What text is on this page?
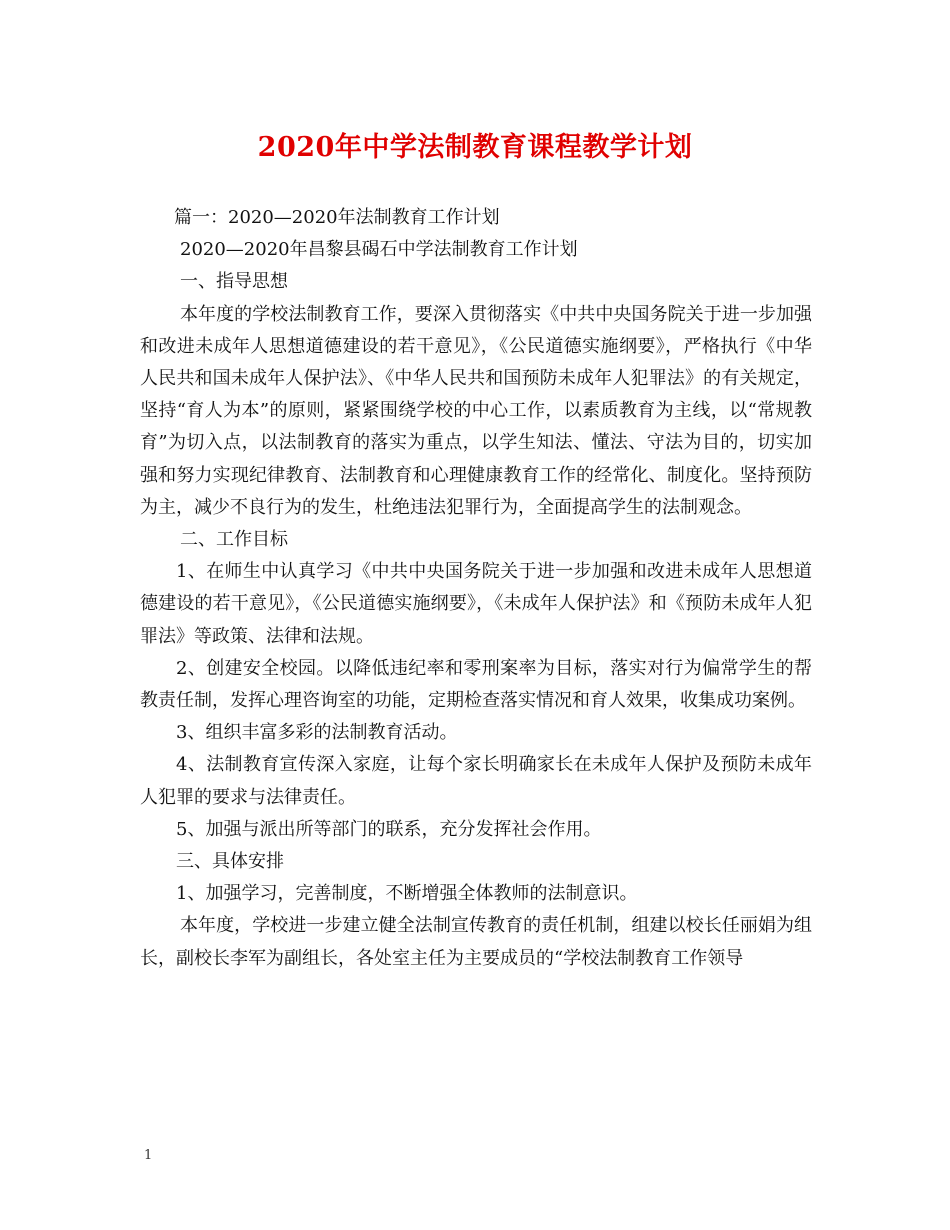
2020年中学法制教育课程教学计划

篇一：2020—2020年法制教育工作计划

2020—2020年昌黎县碣石中学法制教育工作计划

一、指导思想

本年度的学校法制教育工作，要深入贯彻落实《中共中央国务院关于进一步加强和改进未成年人思想道德建设的若干意见》，《公民道德实施纲要》，严格执行《中华人民共和国未成年人保护法》、《中华人民共和国预防未成年人犯罪法》的有关规定，坚持“育人为本”的原则，紧紧围绕学校的中心工作，以素质教育为主线，以“常规教育”为切入点，以法制教育的落实为重点，以学生知法、懂法、守法为目的，切实加强和努力实现纪律教育、法制教育和心理健康教育工作的经常化、制度化。坚持预防为主，减少不良行为的发生，杜绝违法犯罪行为，全面提高学生的法制观念。

二、工作目标

1、在师生中认真学习《中共中央国务院关于进一步加强和改进未成年人思想道德建设的若干意见》，《公民道德实施纲要》，《未成年人保护法》和《预防未成年人犯罪法》等政策、法律和法规。

2、创建安全校园。以降低违纪率和零刑案率为目标，落实对行为偏常学生的帮教责任制，发挥心理咨询室的功能，定期检查落实情况和育人效果，收集成功案例。

3、组织丰富多彩的法制教育活动。

4、法制教育宣传深入家庭，让每个家长明确家长在未成年人保护及预防未成年人犯罪的要求与法律责任。

5、加强与派出所等部门的联系，充分发挥社会作用。

三、具体安排

1、加强学习，完善制度，不断增强全体教师的法制意识。

本年度，学校进一步建立健全法制宣传教育的责任机制，组建以校长任丽娟为组长，副校长李军为副组长，各处室主任为主要成员的“学校法制教育工作领导

1
